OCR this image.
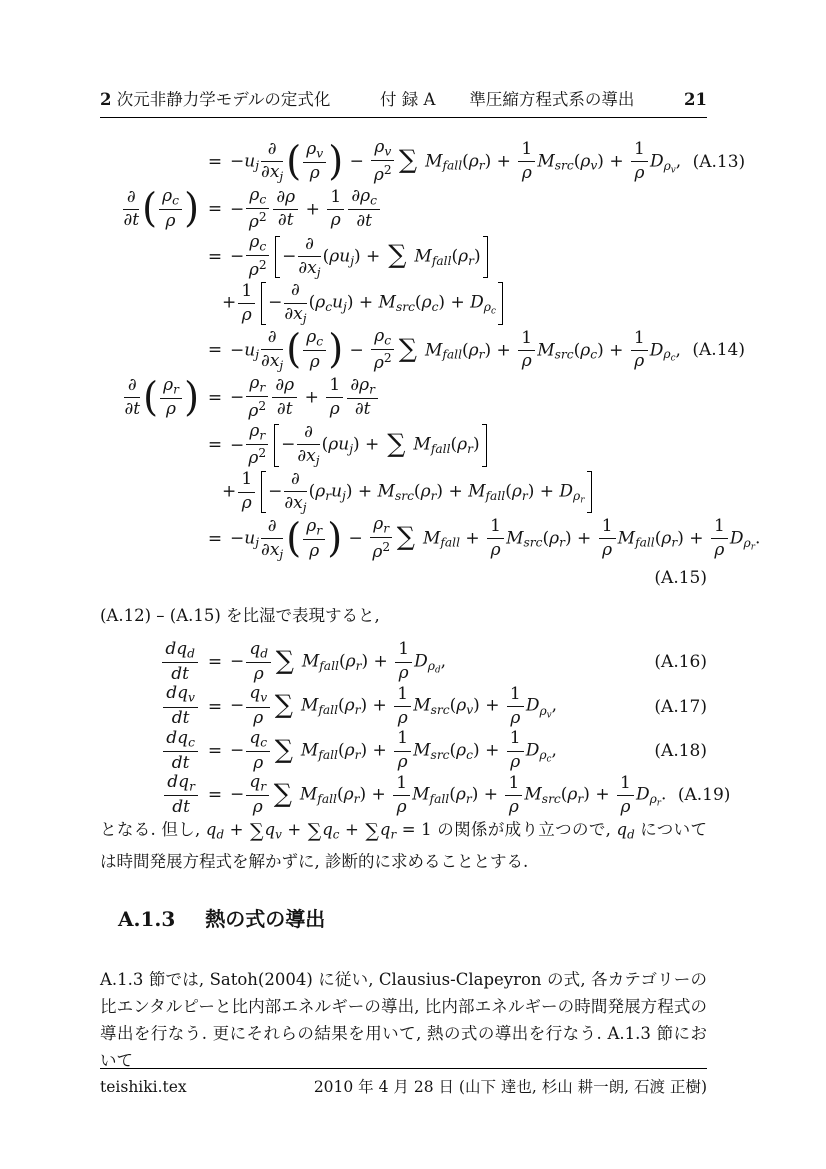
2 次元非静力学モデルの定式化	付 録 A 準圧縮方程式系の導出	21
= $-u_j \frac{\partial}{\partial x_j}$ ( $\frac{\rho_v}{\rho}$ ) − $\frac{\rho_v}{\rho^2}$ ∑ $M_{fall}(\rho_r) + \frac{1}{\rho} M_{src}(\rho_v) + \frac{1}{\rho} D_{\rho_v}$, (A.13)
$\frac{\partial}{\partial t}$ ( $\frac{\rho_c}{\rho}$ ) = − $\frac{\rho_c}{\rho^2} \frac{\partial\rho}{\partial t} + \frac{1}{\rho} \frac{\partial\rho_c}{\partial t}$
= − $\frac{\rho_c}{\rho^2} - \frac{\partial}{\partial x_j} (\rho u_j)$ + ∑ $M_{fall}(\rho_r)$
+ $\frac{1}{\rho} - \frac{\partial}{\partial x_j} (\rho_cu_j) + M_{src}(\rho_c) + D_{\rho_c}$
= $-u_j \frac{\partial}{\partial x_j}$ ( $\frac{\rho_c}{\rho}$ ) − $\frac{\rho_c}{\rho^2}$ ∑ $M_{fall}(\rho_r) + \frac{1}{\rho} M_{src}(\rho_c) + \frac{1}{\rho} D_{\rho_c}$, (A.14)
$\frac{\partial}{\partial t}$ ( $\frac{\rho_r}{\rho}$ ) = − $\frac{\rho_r}{\rho^2} \frac{\partial\rho}{\partial t} + \frac{1}{\rho} \frac{\partial\rho_r}{\partial t}$
= − $\frac{\rho_r}{\rho^2} - \frac{\partial}{\partial x_j} (\rho u_j)$ + ∑ $M_{fall}(\rho_r)$
+ $\frac{1}{\rho} - \frac{\partial}{\partial x_j} (\rho_ru_j) + M_{src}(\rho_r) + M_{fall}(\rho_r) + D_{\rho_r}$
= $-u_j \frac{\partial}{\partial x_j}$ ( $\frac{\rho_r}{\rho}$ ) − $\frac{\rho_r}{\rho^2}$ ∑ $M_{fall} + \frac{1}{\rho} M_{src}(\rho_r) + \frac{1}{\rho} M_{fall}(\rho_r) + \frac{1}{\rho} D_{\rho_r}$.
(A.15)
(A.12) – (A.15) を比湿で表現すると,
$\frac{dq_d}{dt}$ = − $\frac{q_d}{\rho}$ ∑ $M_{fall}(\rho_r) + \frac{1}{\rho} D_{\rho_d}$,	(A.16)
$\frac{dq_v}{dt}$ = − $\frac{q_v}{\rho}$ ∑ $M_{fall}(\rho_r) + \frac{1}{\rho} M_{src}(\rho_v) + \frac{1}{\rho} D_{\rho_v}$,	(A.17)
$\frac{dq_c}{dt}$ = − $\frac{q_c}{\rho}$ ∑ $M_{fall}(\rho_r) + \frac{1}{\rho} M_{src}(\rho_c) + \frac{1}{\rho} D_{\rho_c}$,	(A.18)
$\frac{dq_r}{dt}$ = − $\frac{q_r}{\rho}$ ∑ $M_{fall}(\rho_r) + \frac{1}{\rho} M_{fall}(\rho_r) + \frac{1}{\rho} M_{src}(\rho_r) + \frac{1}{\rho} D_{\rho_r}$. (A.19)
となる. 但し, $q_d + \sum q_v + \sum q_c + \sum q_r = 1$ の関係が成り立つので, $q_d$ については時間発展方程式を解かずに, 診断的に求めることとする.
A.1.3 熱の式の導出
A.1.3 節では, Satoh(2004) に従い, Clausius-Clapeyron の式, 各カテゴリーの比エンタルピーと比内部エネルギーの導出, 比内部エネルギーの時間発展方程式の導出を行なう. 更にそれらの結果を用いて, 熱の式の導出を行なう. A.1.3 節において
teishiki.tex	2010 年 4 月 28 日 (山下 達也, 杉山 耕一朗, 石渡 正樹)
